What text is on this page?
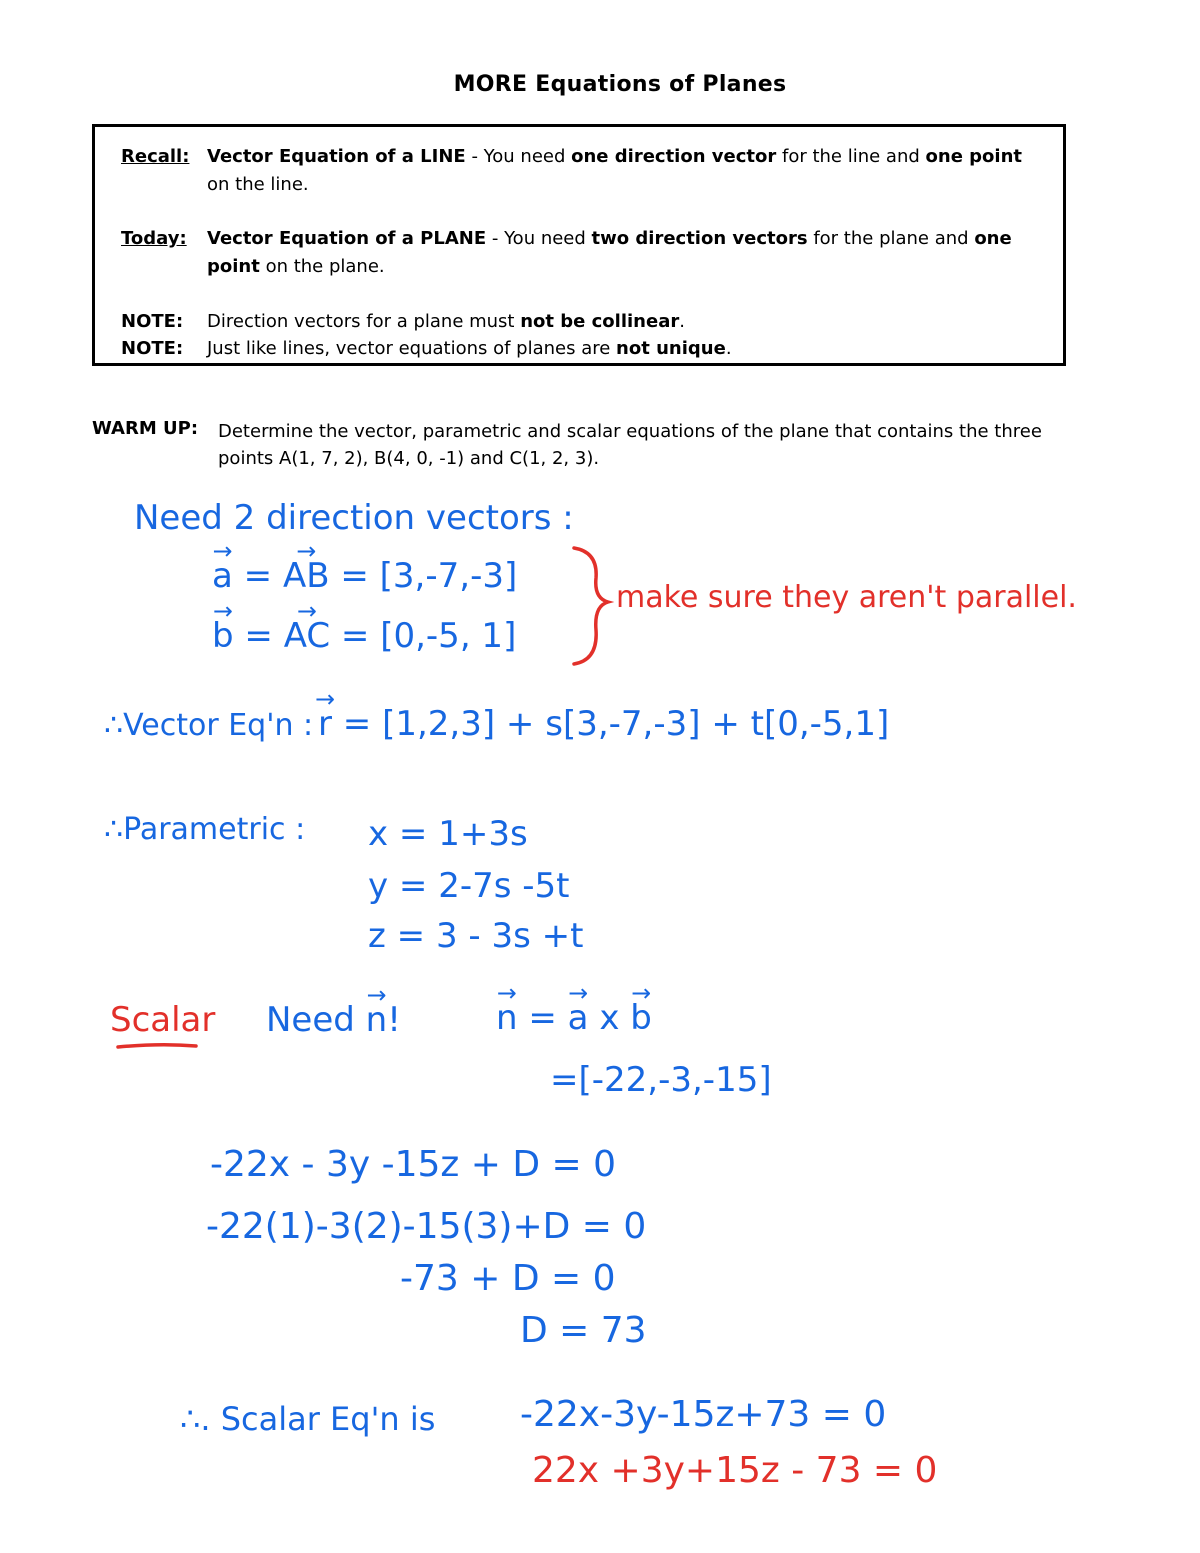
MORE Equations of Planes
Recall: Vector Equation of a LINE - You need one direction vector for the line and one point on the line.
Today:	Vector Equation of a PLANE - You need two direction vectors for the plane and one point on the plane.
NOTE:	Direction vectors for a plane must not be collinear.
NOTE:	Just like lines, vector equations of planes are not unique.
WARM UP: Determine the vector, parametric and scalar equations of the plane that contains the three points A(1, 7, 2), B(4, 0, -1) and C(1, 2, 3).
Need 2 direction vectors :
→ a = → AB = [3,-7,-3]
→ b = → AC = [0,-5, 1]
make sure they aren't parallel.
∴Vector Eq'n : → r = [1,2,3] + s[3,-7,-3] + t[0,-5,1]
∴Parametric : x = 1+3s
y = 2-7s -5t
z = 3 - 3s +t
Scalar Need → n!	→ n = → a x → b
=[-22,-3,-15]
-22x - 3y -15z + D = 0
-22(1)-3(2)-15(3)+D = 0
-73 + D = 0
D = 73
∴. Scalar Eq'n is -22x-3y-15z+73 = 0
22x +3y+15z - 73 = 0
